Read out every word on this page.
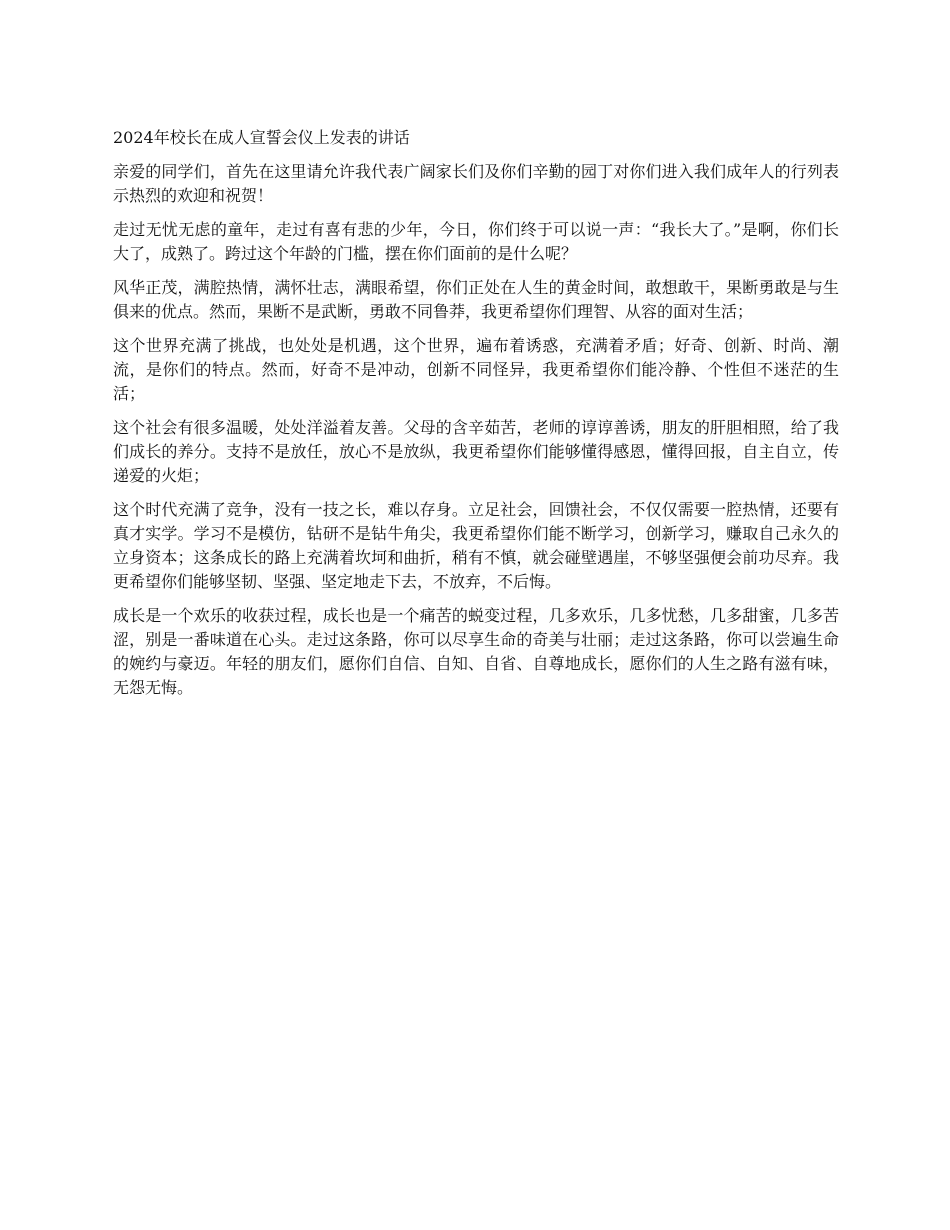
2024年校长在成人宣誓会仪上发表的讲话

亲爱的同学们，首先在这里请允许我代表广阔家长们及你们辛勤的园丁对你们进入我们成年人的行列表示热烈的欢迎和祝贺！

走过无忧无虑的童年，走过有喜有悲的少年，今日，你们终于可以说一声：“我长大了。”是啊，你们长大了，成熟了。跨过这个年龄的门槛，摆在你们面前的是什么呢？

风华正茂，满腔热情，满怀壮志，满眼希望，你们正处在人生的黄金时间，敢想敢干，果断勇敢是与生俱来的优点。然而，果断不是武断，勇敢不同鲁莽，我更希望你们理智、从容的面对生活；

这个世界充满了挑战，也处处是机遇，这个世界，遍布着诱惑，充满着矛盾；好奇、创新、时尚、潮流，是你们的特点。然而，好奇不是冲动，创新不同怪异，我更希望你们能冷静、个性但不迷茫的生活；

这个社会有很多温暖，处处洋溢着友善。父母的含辛茹苦，老师的谆谆善诱，朋友的肝胆相照，给了我们成长的养分。支持不是放任，放心不是放纵，我更希望你们能够懂得感恩，懂得回报，自主自立，传递爱的火炬；

这个时代充满了竞争，没有一技之长，难以存身。立足社会，回馈社会，不仅仅需要一腔热情，还要有真才实学。学习不是模仿，钻研不是钻牛角尖，我更希望你们能不断学习，创新学习，赚取自己永久的立身资本；这条成长的路上充满着坎坷和曲折，稍有不慎，就会碰壁遇崖，不够坚强便会前功尽弃。我更希望你们能够坚韧、坚强、坚定地走下去，不放弃，不后悔。

成长是一个欢乐的收获过程，成长也是一个痛苦的蜕变过程，几多欢乐，几多忧愁，几多甜蜜，几多苦涩，别是一番味道在心头。走过这条路，你可以尽享生命的奇美与壮丽；走过这条路，你可以尝遍生命的婉约与豪迈。年轻的朋友们，愿你们自信、自知、自省、自尊地成长，愿你们的人生之路有滋有味，无怨无悔。
